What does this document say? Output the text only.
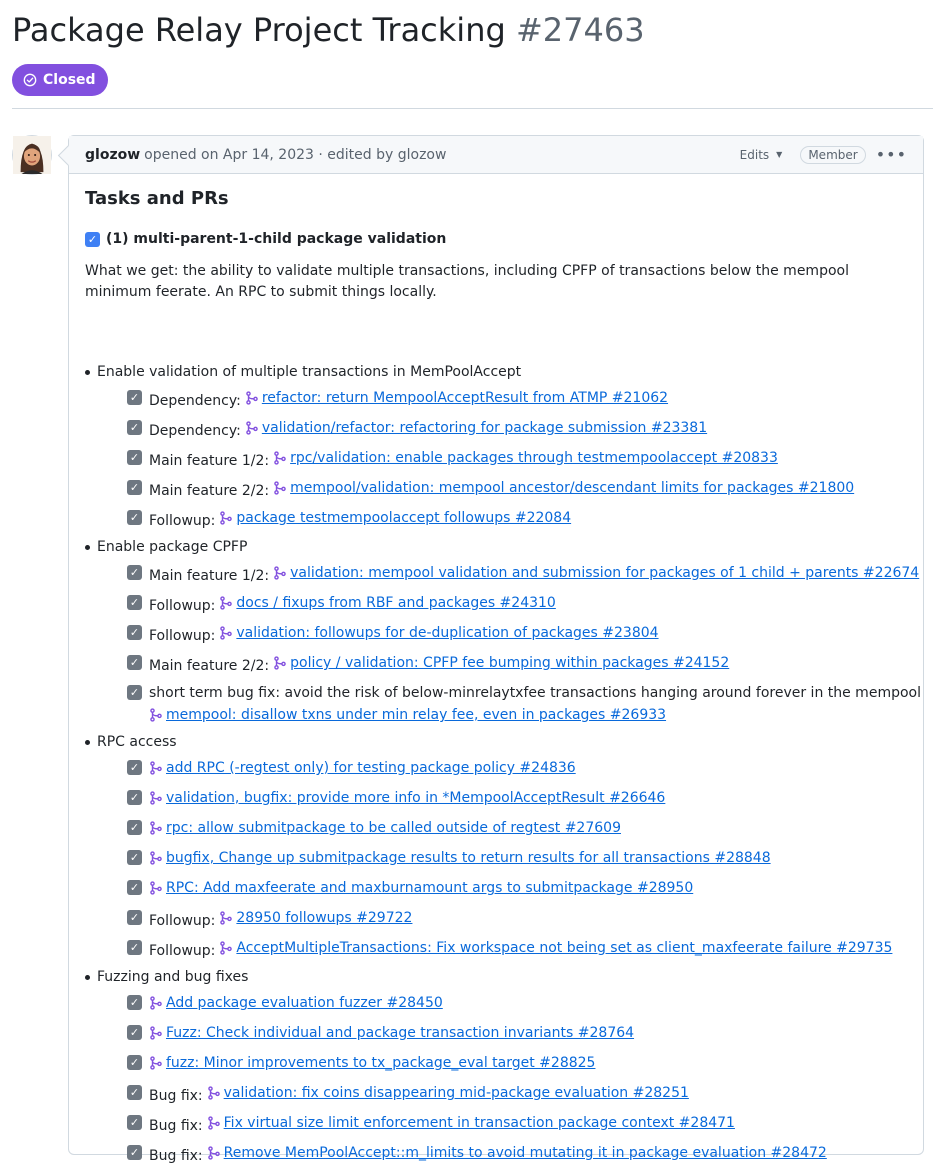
Package Relay Project Tracking #27463
Closed
glozow opened on Apr 14, 2023 · edited by glozow	Edits ▼	Member	•••
Tasks and PRs
✓ (1) multi-parent-1-child package validation

What we get: the ability to validate multiple transactions, including CPFP of transactions below the mempool minimum feerate. An RPC to submit things locally.

Enable validation of multiple transactions in MemPoolAccept
✓ Dependency: refactor: return MempoolAcceptResult from ATMP #21062
✓ Dependency: validation/refactor: refactoring for package submission #23381
✓ Main feature 1/2: rpc/validation: enable packages through testmempoolaccept #20833
✓ Main feature 2/2: mempool/validation: mempool ancestor/descendant limits for packages #21800
✓ Followup: package testmempoolaccept followups #22084
Enable package CPFP
✓ Main feature 1/2: validation: mempool validation and submission for packages of 1 child + parents #22674
✓ Followup: docs / fixups from RBF and packages #24310
✓ Followup: validation: followups for de-duplication of packages #23804
✓ Main feature 2/2: policy / validation: CPFP fee bumping within packages #24152
✓ short term bug fix: avoid the risk of below-minrelaytxfee transactions hanging around forever in the mempool
mempool: disallow txns under min relay fee, even in packages #26933
RPC access
✓ add RPC (-regtest only) for testing package policy #24836
✓ validation, bugfix: provide more info in *MempoolAcceptResult #26646
✓ rpc: allow submitpackage to be called outside of regtest #27609
✓ bugfix, Change up submitpackage results to return results for all transactions #28848
✓ RPC: Add maxfeerate and maxburnamount args to submitpackage #28950
✓ Followup: 28950 followups #29722
✓ Followup: AcceptMultipleTransactions: Fix workspace not being set as client_maxfeerate failure #29735
Fuzzing and bug fixes
✓ Add package evaluation fuzzer #28450
✓ Fuzz: Check individual and package transaction invariants #28764
✓ fuzz: Minor improvements to tx_package_eval target #28825
✓ Bug fix: validation: fix coins disappearing mid-package evaluation #28251
✓ Bug fix: Fix virtual size limit enforcement in transaction package context #28471
✓ Bug fix: Remove MemPoolAccept::m_limits to avoid mutating it in package evaluation #28472
